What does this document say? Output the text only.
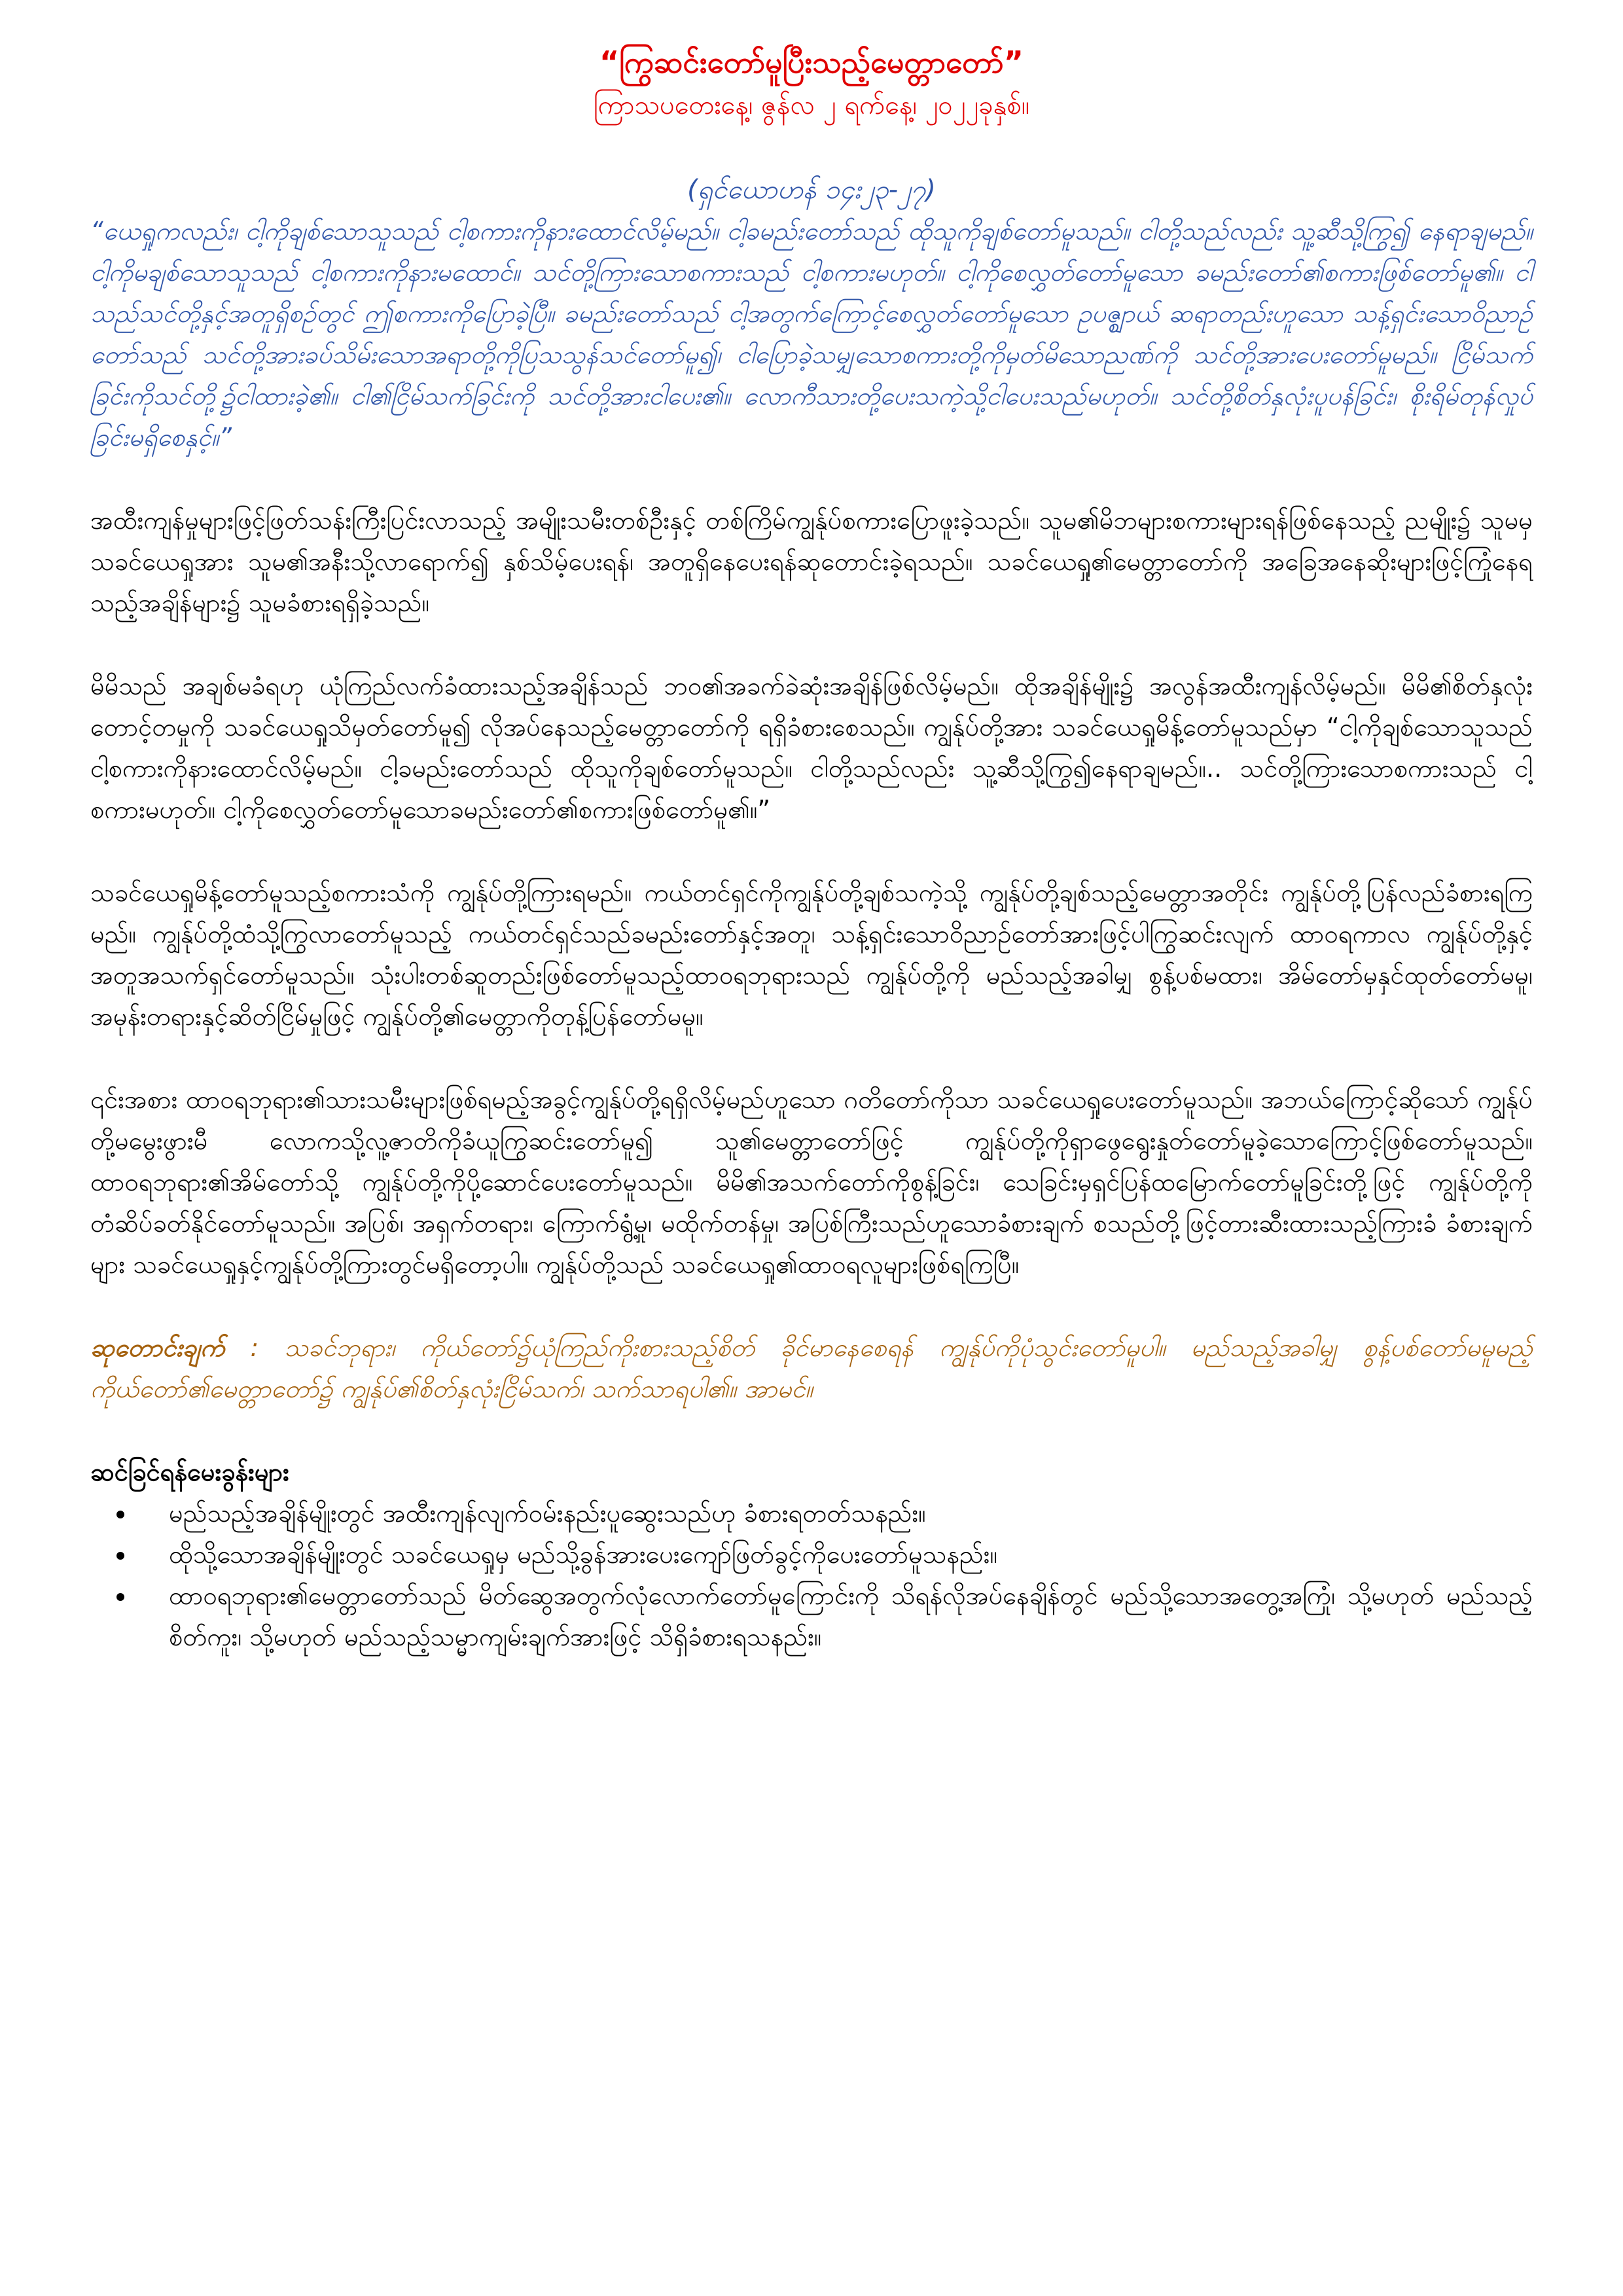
“ကြွဆင်းတော်မူပြီးသည့်မေတ္တာတော်”

ကြာသပတေးနေ့၊ ဇွန်လ ၂ ရက်နေ့၊ ၂၀၂၂ခုနှစ်။

(ရှင်ယောဟန် ၁၄း၂၃-၂၇)

“ယေရှုကလည်း၊ ငါ့ကိုချစ်သောသူသည် ငါ့စကားကိုနားထောင်လိမ့်မည်။ ငါ့ခမည်းတော်သည် ထိုသူကိုချစ်တော်မူသည်။ ငါတို့သည်လည်း သူ့ဆီသို့ကြွ၍ နေရာချမည်။ ငါ့ကိုမချစ်သောသူသည် ငါ့စကားကိုနားမထောင်။ သင်တို့ကြားသောစကားသည် ငါ့စကားမဟုတ်။ ငါ့ကိုစေလွှတ်တော်မူသော ခမည်းတော်၏စကားဖြစ်တော်မူ၏။ ငါသည်သင်တို့နှင့်အတူရှိစဉ်တွင် ဤစကားကိုပြောခဲ့ပြီ။ ခမည်းတော်သည် ငါ့အတွက်ကြောင့်စေလွှတ်တော်မူသော ဥပဇ္ဈာယ် ဆရာတည်းဟူသော သန့်ရှင်းသောဝိညာဉ်တော်သည် သင်တို့အားခပ်သိမ်းသောအရာတို့ကိုပြသသွန်သင်တော်မူ၍၊ ငါပြောခဲ့သမျှသောစကားတို့ကိုမှတ်မိသောညဏ်ကို သင်တို့အားပေးတော်မူမည်။ ငြိမ်သက်ခြင်းကိုသင်တို့၌ငါထားခဲ့၏။ ငါ၏ငြိမ်သက်ခြင်းကို သင်တို့အားငါပေး၏။ လောကီသားတို့ပေးသကဲ့သို့ငါပေးသည်မဟုတ်။ သင်တို့စိတ်နှလုံးပူပန်ခြင်း၊ စိုးရိမ်တုန်လှုပ်ခြင်းမရှိစေနှင့်။”

အထီးကျန်မှုများဖြင့်ဖြတ်သန်းကြီးပြင်းလာသည့် အမျိုးသမီးတစ်ဦးနှင့် တစ်ကြိမ်ကျွန်ုပ်စကားပြောဖူးခဲ့သည်။ သူမ၏မိဘများစကားများရန်ဖြစ်နေသည့် ညမျိုး၌ သူမမှသခင်ယေရှုအား သူမ၏အနီးသို့လာရောက်၍ နှစ်သိမ့်ပေးရန်၊ အတူရှိနေပေးရန်ဆုတောင်းခဲ့ရသည်။ သခင်ယေရှု၏မေတ္တာတော်ကို အခြေအနေဆိုးများဖြင့်ကြုံနေရသည့်အချိန်များ၌ သူမခံစားရရှိခဲ့သည်။

မိမိသည် အချစ်မခံရဟု ယုံကြည်လက်ခံထားသည့်အချိန်သည် ဘဝ၏အခက်ခဲဆုံးအချိန်ဖြစ်လိမ့်မည်။ ထိုအချိန်မျိုး၌ အလွန်အထီးကျန်လိမ့်မည်။ မိမိ၏စိတ်နှလုံးတောင့်တမှုကို သခင်ယေရှုသိမှတ်တော်မူ၍ လိုအပ်နေသည့်မေတ္တာတော်ကို ရရှိခံစားစေသည်။ ကျွန်ုပ်တို့အား သခင်ယေရှုမိန့်တော်မူသည်မှာ “ငါ့ကိုချစ်သောသူသည် ငါ့စကားကိုနားထောင်လိမ့်မည်။ ငါ့ခမည်းတော်သည် ထိုသူကိုချစ်တော်မူသည်။ ငါတို့သည်လည်း သူ့ဆီသို့ကြွ၍နေရာချမည်။.. သင်တို့ကြားသောစကားသည် ငါ့စကားမဟုတ်။ ငါ့ကိုစေလွှတ်တော်မူသောခမည်းတော်၏စကားဖြစ်တော်မူ၏။”

သခင်ယေရှုမိန့်တော်မူသည့်စကားသံကို ကျွန်ုပ်တို့ကြားရမည်။ ကယ်တင်ရှင်ကိုကျွန်ုပ်တို့ချစ်သကဲ့သို့ ကျွန်ုပ်တို့ချစ်သည့်မေတ္တာအတိုင်း ကျွန်ုပ်တို့ပြန်လည်ခံစားရကြမည်။ ကျွန်ုပ်တို့ထံသို့ကြွလာတော်မူသည့် ကယ်တင်ရှင်သည်ခမည်းတော်နှင့်အတူ၊ သန့်ရှင်းသောဝိညာဉ်တော်အားဖြင့်ပါကြွဆင်းလျက် ထာဝရကာလ ကျွန်ုပ်တို့နှင့်အတူအသက်ရှင်တော်မူသည်။ သုံးပါးတစ်ဆူတည်းဖြစ်တော်မူသည့်ထာဝရဘုရားသည် ကျွန်ုပ်တို့ကို မည်သည့်အခါမျှ စွန့်ပစ်မထား၊ အိမ်တော်မှနှင်ထုတ်တော်မမူ၊ အမုန်းတရားနှင့်ဆိတ်ငြိမ်မှုဖြင့် ကျွန်ုပ်တို့၏မေတ္တာကိုတုန့်ပြန်တော်မမူ။

၎င်းအစား ထာဝရဘုရား၏သားသမီးများဖြစ်ရမည့်အခွင့်ကျွန်ုပ်တို့ရရှိလိမ့်မည်ဟူသော ဂတိတော်ကိုသာ သခင်ယေရှုပေးတော်မူသည်။ အဘယ်ကြောင့်ဆိုသော် ကျွန်ုပ်တို့မမွေးဖွားမီ လောကသို့လူ့ဇာတိကိုခံယူကြွဆင်းတော်မူ၍ သူ၏မေတ္တာတော်ဖြင့် ကျွန်ုပ်တို့ကိုရှာဖွေရွေးနှုတ်တော်မူခဲ့သောကြောင့်ဖြစ်တော်မူသည်။ ထာဝရဘုရား၏အိမ်တော်သို့ ကျွန်ုပ်တို့ကိုပို့ဆောင်ပေးတော်မူသည်။ မိမိ၏အသက်တော်ကိုစွန့်ခြင်း၊ သေခြင်းမှရှင်ပြန်ထမြောက်တော်မူခြင်းတို့ဖြင့် ကျွန်ုပ်တို့ကိုတံဆိပ်ခတ်နိုင်တော်မူသည်။ အပြစ်၊ အရှက်တရား၊ ကြောက်ရွံ့မှု၊ မထိုက်တန်မှု၊ အပြစ်ကြီးသည်ဟူသောခံစားချက် စသည်တို့ဖြင့်တားဆီးထားသည့်ကြားခံ ခံစားချက်များ သခင်ယေရှုနှင့်ကျွန်ုပ်တို့ကြားတွင်မရှိတော့ပါ။ ကျွန်ုပ်တို့သည် သခင်ယေရှု၏ထာဝရလူများဖြစ်ရကြပြီ။

ဆုတောင်းချက် : သခင်ဘုရား၊ ကိုယ်တော်၌ယုံကြည်ကိုးစားသည့်စိတ် ခိုင်မာနေစေရန် ကျွန်ုပ်ကိုပုံသွင်းတော်မူပါ။ မည်သည့်အခါမျှ စွန့်ပစ်တော်မမူမည့် ကိုယ်တော်၏မေတ္တာတော်၌ ကျွန်ုပ်၏စိတ်နှလုံးငြိမ်သက်၊ သက်သာရပါ၏။ အာမင်။

ဆင်ခြင်ရန်မေးခွန်းများ

• မည်သည့်အချိန်မျိုးတွင် အထီးကျန်လျက်ဝမ်းနည်းပူဆွေးသည်ဟု ခံစားရတတ်သနည်း။
• ထိုသို့သောအချိန်မျိုးတွင် သခင်ယေရှုမှ မည်သို့ခွန်အားပေးကျော်ဖြတ်ခွင့်ကိုပေးတော်မူသနည်း။
• ထာဝရဘုရား၏မေတ္တာတော်သည် မိတ်ဆွေအတွက်လုံလောက်တော်မူကြောင်းကို သိရန်လိုအပ်နေချိန်တွင် မည်သို့သောအတွေ့အကြုံ၊ သို့မဟုတ် မည်သည့်စိတ်ကူး၊ သို့မဟုတ် မည်သည့်သမ္မာကျမ်းချက်အားဖြင့် သိရှိခံစားရသနည်း။
